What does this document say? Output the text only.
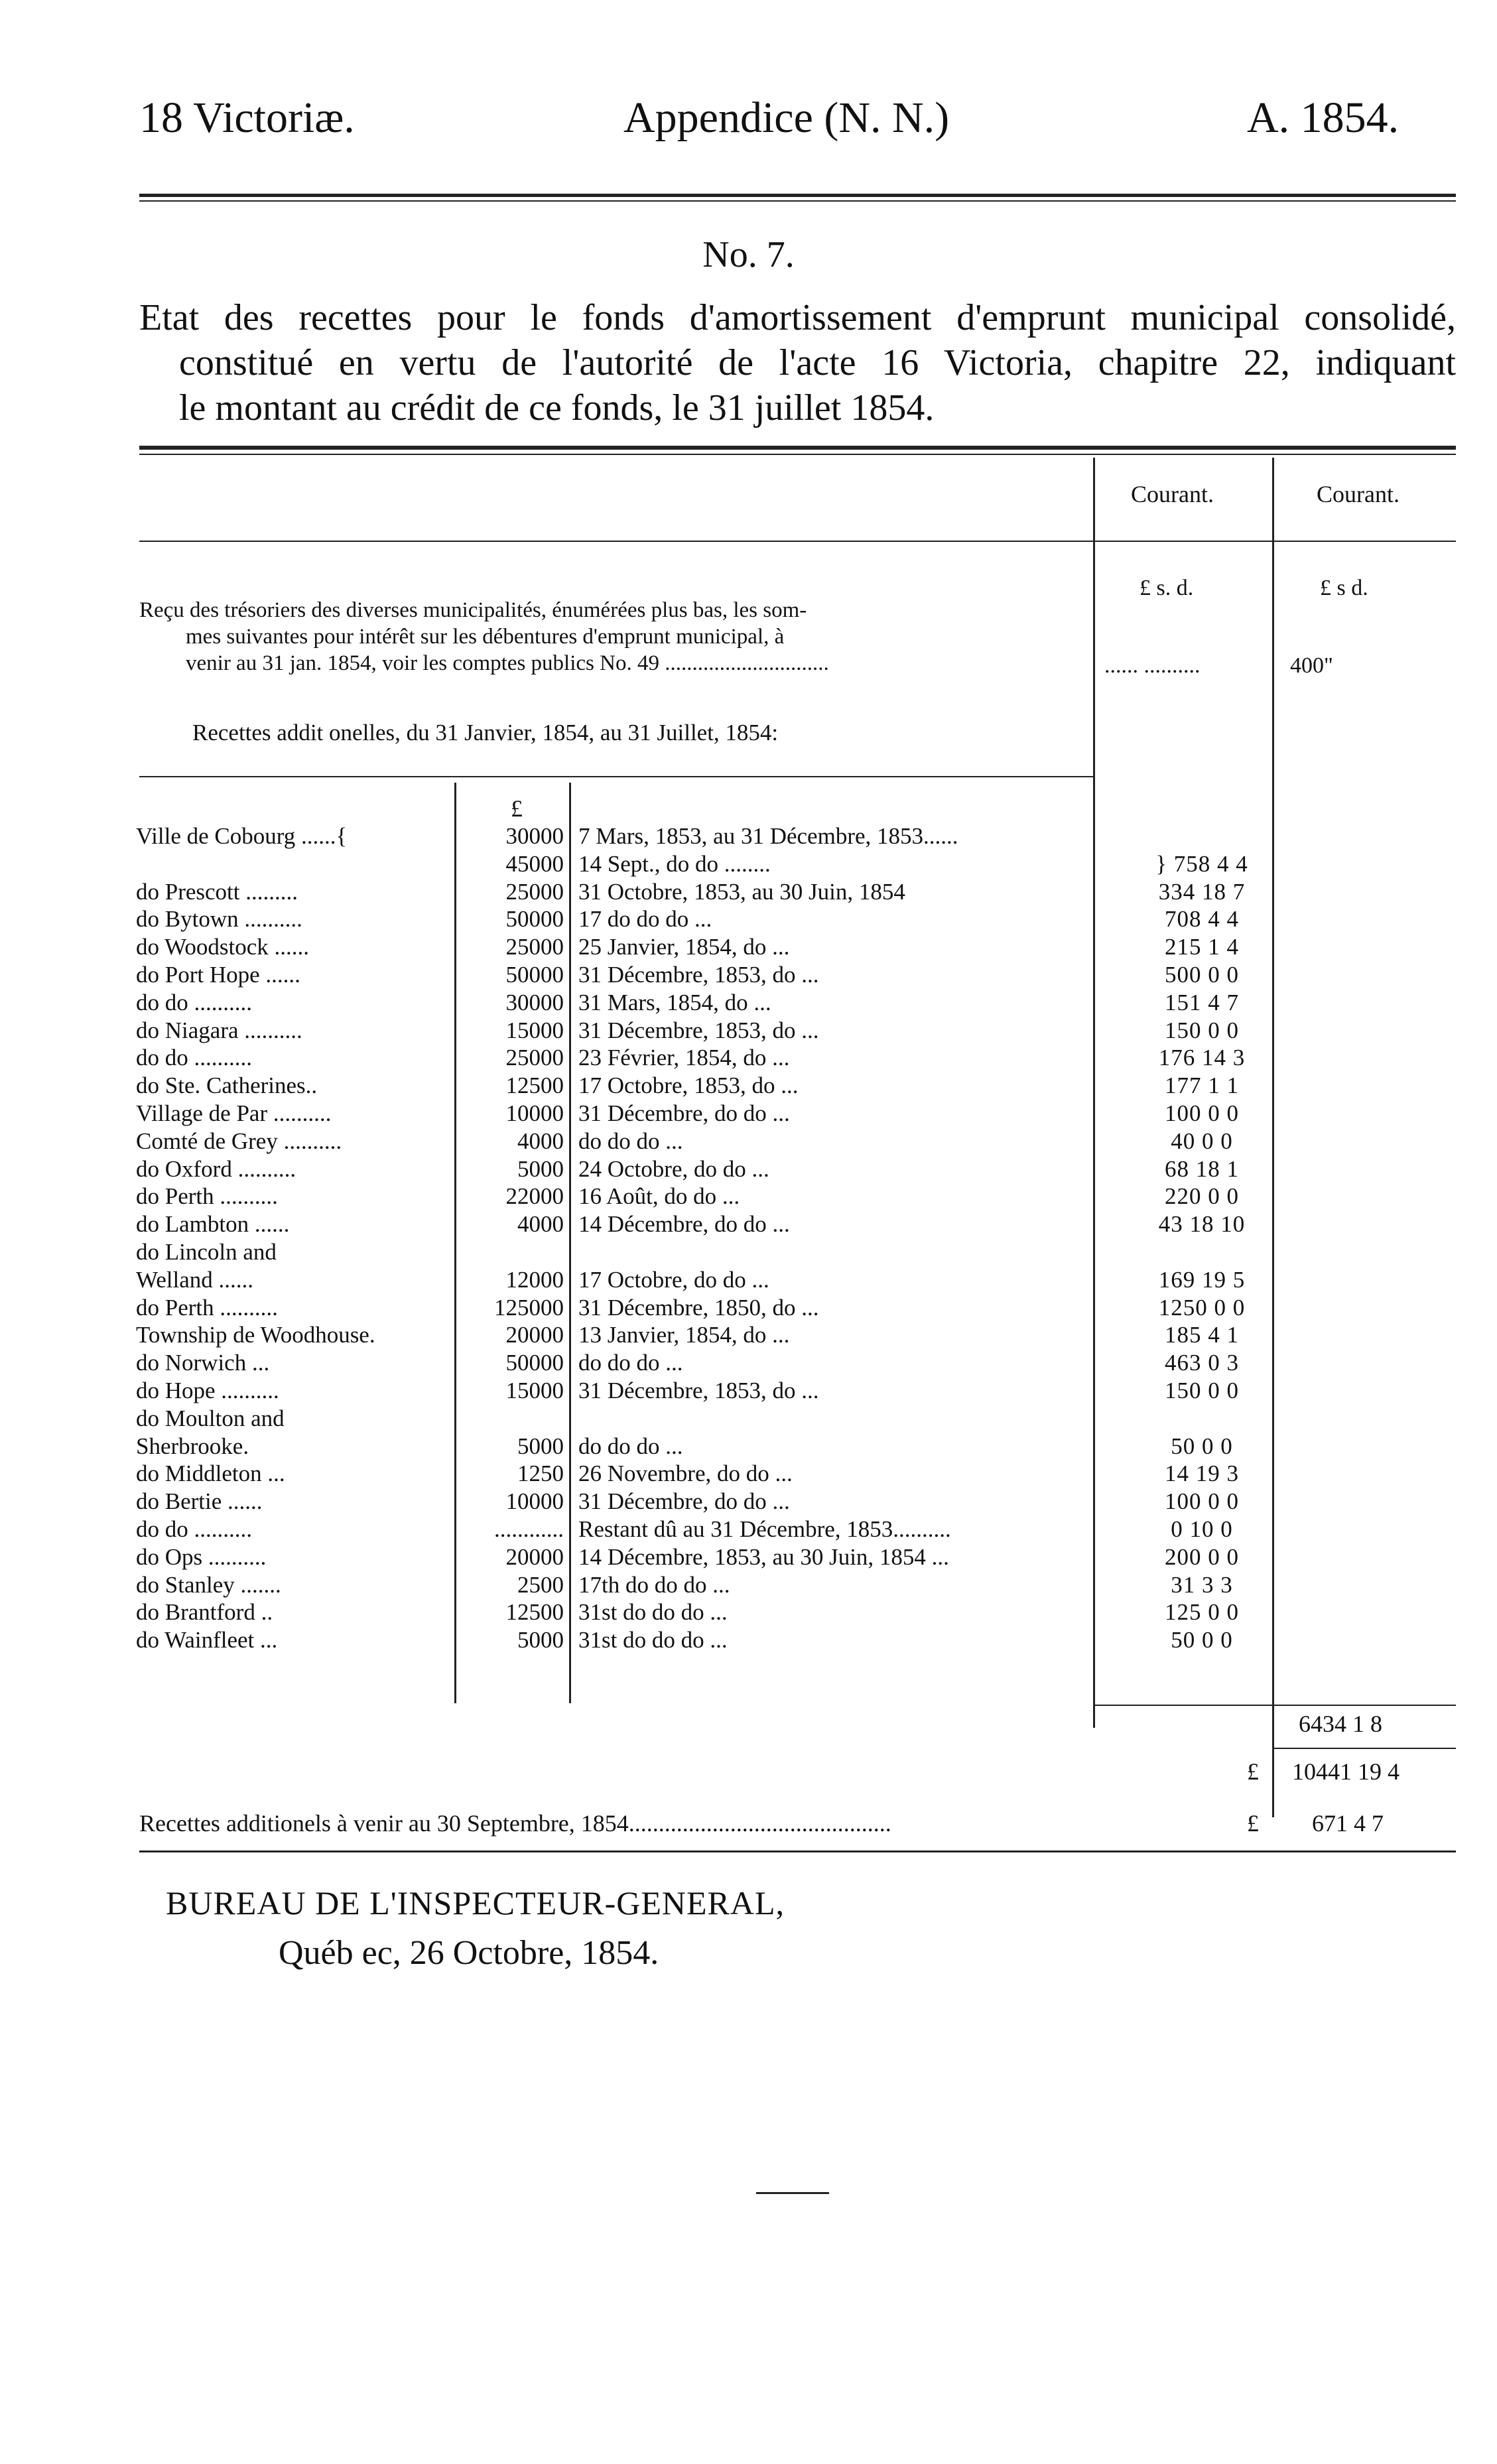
18 Victoriæ.	Appendice (N. N.)	A. 1854.
No. 7.
Etat des recettes pour le fonds d'amortissement d'emprunt municipal consolidé,
constitué en vertu de l'autorité de l'acte 16 Victoria, chapitre 22, indiquant
le montant au crédit de ce fonds, le 31 juillet 1854.
Courant.	Courant.
£ s. d.	£ s d.
Reçu des trésoriers des diverses municipalités, énumérées plus bas, les som-
mes suivantes pour intérêt sur les débentures d'emprunt municipal, à
venir au 31 jan. 1854, voir les comptes publics No. 49 ..............................	...... ..........	400"
Recettes addit onelles, du 31 Janvier, 1854, au 31 Juillet, 1854:
£
Ville de Cobourg ......{	30000	7 Mars, 1853, au 31 Décembre, 1853......	
	45000	14 Sept., do do ........	} 758 4 4
do Prescott .........	25000	31 Octobre, 1853, au 30 Juin, 1854	334 18 7
do Bytown ..........	50000	17 do do do ...	708 4 4
do Woodstock ......	25000	25 Janvier, 1854, do ...	215 1 4
do Port Hope ......	50000	31 Décembre, 1853, do ...	500 0 0
do do ..........	30000	31 Mars, 1854, do ...	151 4 7
do Niagara ..........	15000	31 Décembre, 1853, do ...	150 0 0
do do ..........	25000	23 Février, 1854, do ...	176 14 3
do Ste. Catherines..	12500	17 Octobre, 1853, do ...	177 1 1
Village de Par ..........	10000	31 Décembre, do do ...	100 0 0
Comté de Grey ..........	4000	do do do ...	40 0 0
do Oxford ..........	5000	24 Octobre, do do ...	68 18 1
do Perth ..........	22000	16 Août, do do ...	220 0 0
do Lambton ......	4000	14 Décembre, do do ...	43 18 10
do Lincoln and			
Welland ......	12000	17 Octobre, do do ...	169 19 5
do Perth ..........	125000	31 Décembre, 1850, do ...	1250 0 0
Township de Woodhouse.	20000	13 Janvier, 1854, do ...	185 4 1
do Norwich ...	50000	do do do ...	463 0 3
do Hope ..........	15000	31 Décembre, 1853, do ...	150 0 0
do Moulton and			
Sherbrooke.	5000	do do do ...	50 0 0
do Middleton ...	1250	26 Novembre, do do ...	14 19 3
do Bertie ......	10000	31 Décembre, do do ...	100 0 0
do do ..........	............	Restant dû au 31 Décembre, 1853..........	0 10 0
do Ops ..........	20000	14 Décembre, 1853, au 30 Juin, 1854 ...	200 0 0
do Stanley .......	2500	17th do do do ...	31 3 3
do Brantford ..	12500	31st do do do ...	125 0 0
do Wainfleet ...	5000	31st do do do ...	50 0 0
6434 1 8
£ 10441 19 4
Recettes additionels à venir au 30 Septembre, 1854............................................	£ 671 4 7
BUREAU DE L'INSPECTEUR-GENERAL,
Québ ec, 26 Octobre, 1854.
